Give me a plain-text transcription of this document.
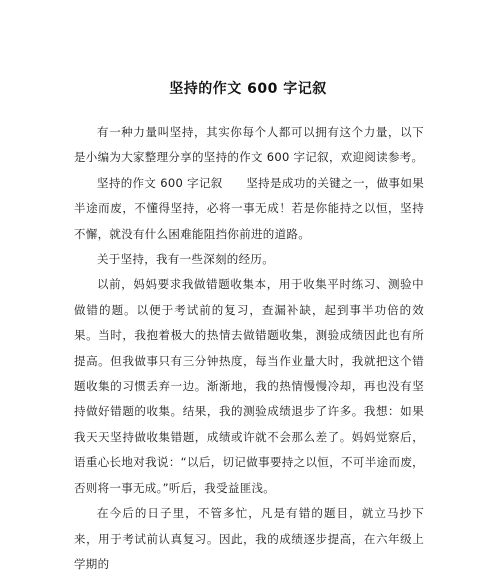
坚持的作文 600 字记叙

有一种力量叫坚持，其实你每个人都可以拥有这个力量，以下是小编为大家整理分享的坚持的作文 600 字记叙，欢迎阅读参考。

坚持的作文 600 字记叙　　坚持是成功的关键之一，做事如果半途而废，不懂得坚持，必将一事无成！若是你能持之以恒，坚持不懈，就没有什么困难能阻挡你前进的道路。

关于坚持，我有一些深刻的经历。

以前，妈妈要求我做错题收集本，用于收集平时练习、测验中做错的题。以便于考试前的复习，查漏补缺，起到事半功倍的效果。当时，我抱着极大的热情去做错题收集，测验成绩因此也有所提高。但我做事只有三分钟热度，每当作业量大时，我就把这个错题收集的习惯丢弃一边。渐渐地，我的热情慢慢冷却，再也没有坚持做好错题的收集。结果，我的测验成绩退步了许多。我想：如果我天天坚持做收集错题，成绩或许就不会那么差了。妈妈觉察后，语重心长地对我说：“以后，切记做事要持之以恒，不可半途而废，否则将一事无成。”听后，我受益匪浅。

在今后的日子里，不管多忙，凡是有错的题目，就立马抄下来，用于考试前认真复习。因此，我的成绩逐步提高，在六年级上学期的
